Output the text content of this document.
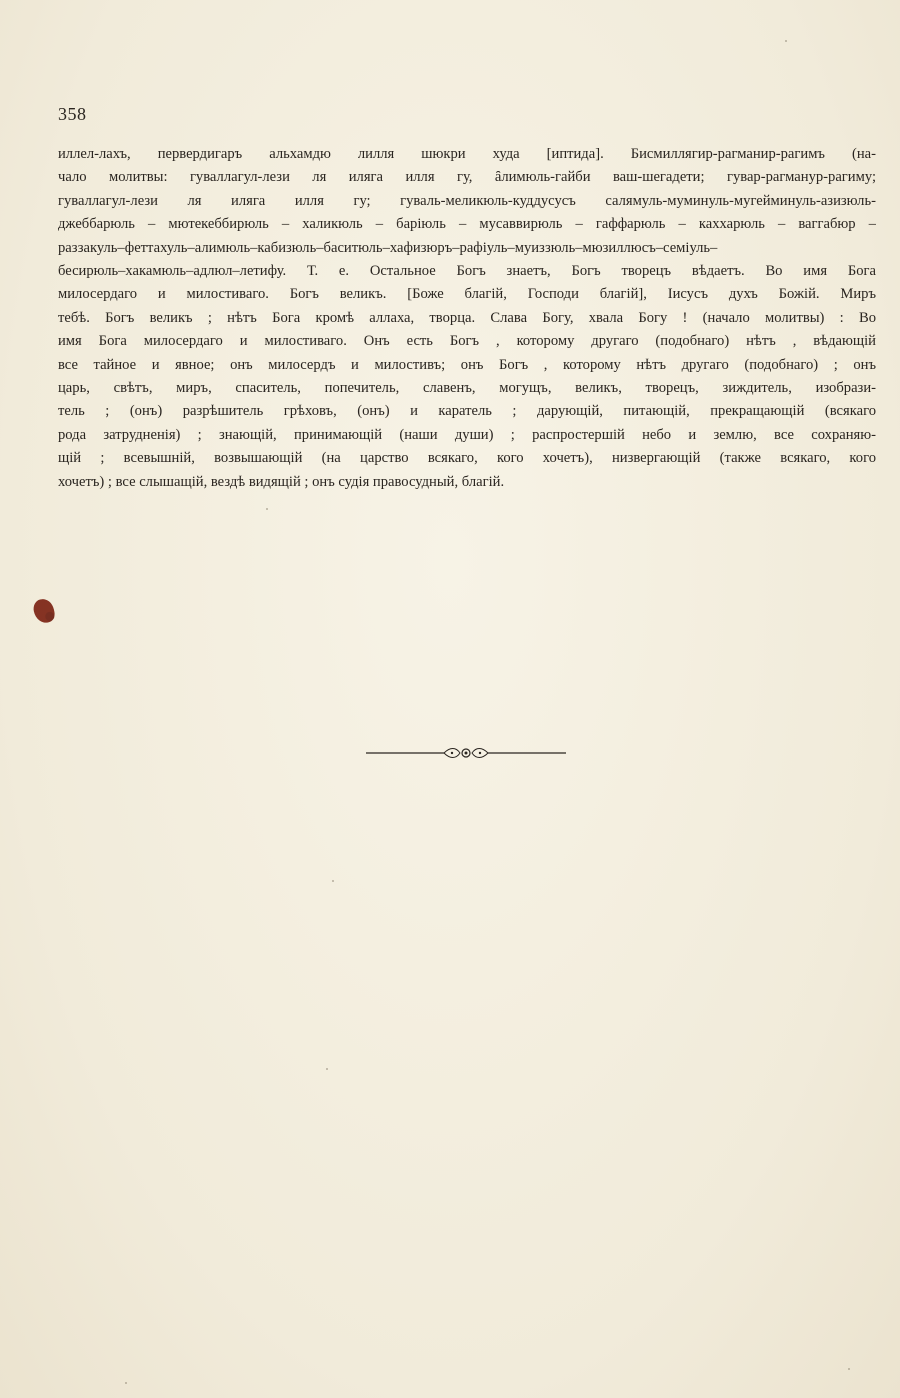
358
иллел-лахъ, первердигаръ альхамдю лилля шюкри худа [иптида]. Бисмиллягир-рагманир-рагимъ (на-
чало молитвы: гуваллагул-лези ля иляга илля гу, ȃлимюль-гайби ваш-шегадети; гувар-рагмануp-рагиму;
гуваллагул-лези ля иляга илля гу; гуваль-меликюль-куддусусъ салямуль-муминуль-мугейминуль-азизюль-
джеббарюль – мютекеббирюль – халикюль – баріюль – мусаввирюль – гаффарюль – каххарюль – ваггабюр –
раззакуль–феттахуль–алимюль–кабизюль–баситюль–хафизюръ–рафіуль–муиззюль–мюзиллюсъ–семіуль–
бесирюль–хакамюль–адлюл–летифу. Т. е. Остальное Богъ знаетъ, Богъ творецъ вѣдаетъ. Во имя Бога
милосердаго и милостиваго. Богъ великъ. [Боже благій, Господи благій], Іисусъ духъ Божій. Миръ
тебѣ. Богъ великъ ; нѣтъ Бога кромѣ аллаха, творца. Слава Богу, хвала Богу ! (начало молитвы) : Во
имя Бога милосердаго и милостиваго. Онъ есть Богъ , которому другаго (подобнаго) нѣтъ , вѣдающій
все тайное и явное; онъ милосердъ и милостивъ; онъ Богъ , которому нѣтъ другаго (подобнаго) ; онъ
царь, свѣтъ, миръ, спаситель, попечитель, славенъ, могущъ, великъ, творецъ, зиждитель, изобрази-
тель ; (онъ) разрѣшитель грѣховъ, (онъ) и каратель ; дарующій, питающій, прекращающій (всякаго
рода затрудненія) ; знающій, принимающій (наши души) ; распростершій небо и землю, все сохраняю-
щій ; всевышній, возвышающій (на царство всякаго, кого хочетъ), низвергающій (также всякаго, кого
хочетъ) ; все слышащій, вездѣ видящій ; онъ судія правосудный, благій.
